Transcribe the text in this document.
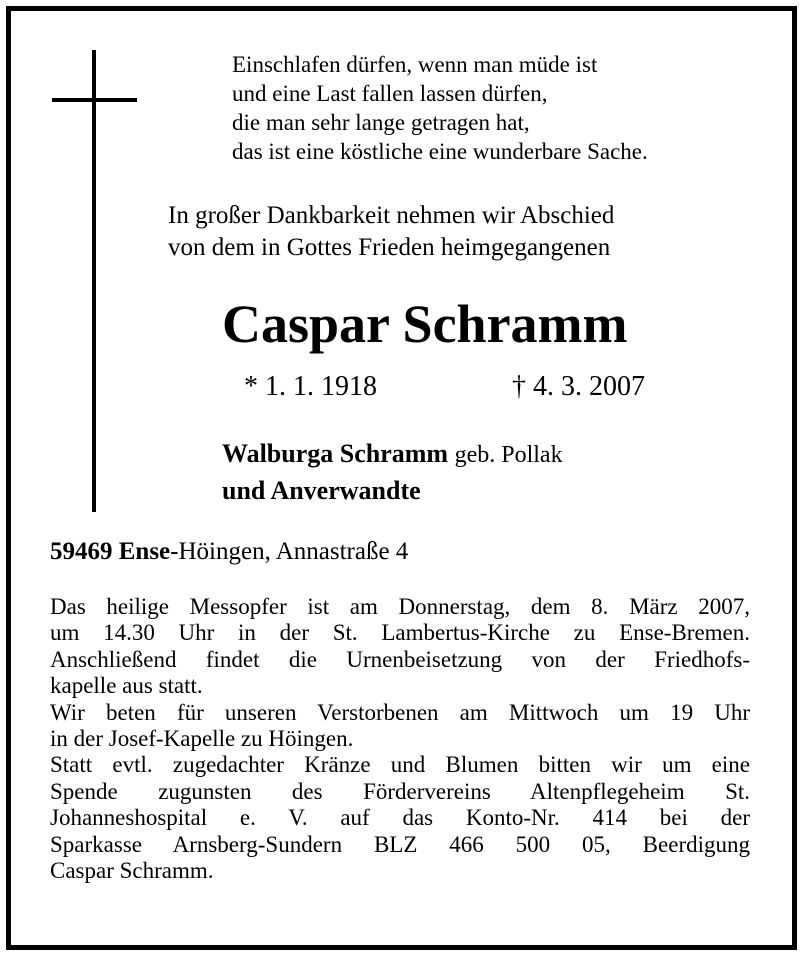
Einschlafen dürfen, wenn man müde ist
und eine Last fallen lassen dürfen,
die man sehr lange getragen hat,
das ist eine köstliche eine wunderbare Sache.
In großer Dankbarkeit nehmen wir Abschied
von dem in Gottes Frieden heimgegangenen
Caspar Schramm
* 1. 1. 1918	† 4. 3. 2007
Walburga Schramm geb. Pollak
und Anverwandte
59469 Ense-Höingen, Annastraße 4
Das heilige Messopfer ist am Donnerstag, dem 8. März 2007,
um 14.30 Uhr in der St. Lambertus-Kirche zu Ense-Bremen.
Anschließend findet die Urnenbeisetzung von der Friedhofs-
kapelle aus statt.
Wir beten für unseren Verstorbenen am Mittwoch um 19 Uhr
in der Josef-Kapelle zu Höingen.
Statt evtl. zugedachter Kränze und Blumen bitten wir um eine
Spende zugunsten des Fördervereins Altenpflegeheim St.
Johanneshospital e. V. auf das Konto-Nr. 414 bei der
Sparkasse Arnsberg-Sundern BLZ 466 500 05, Beerdigung
Caspar Schramm.
